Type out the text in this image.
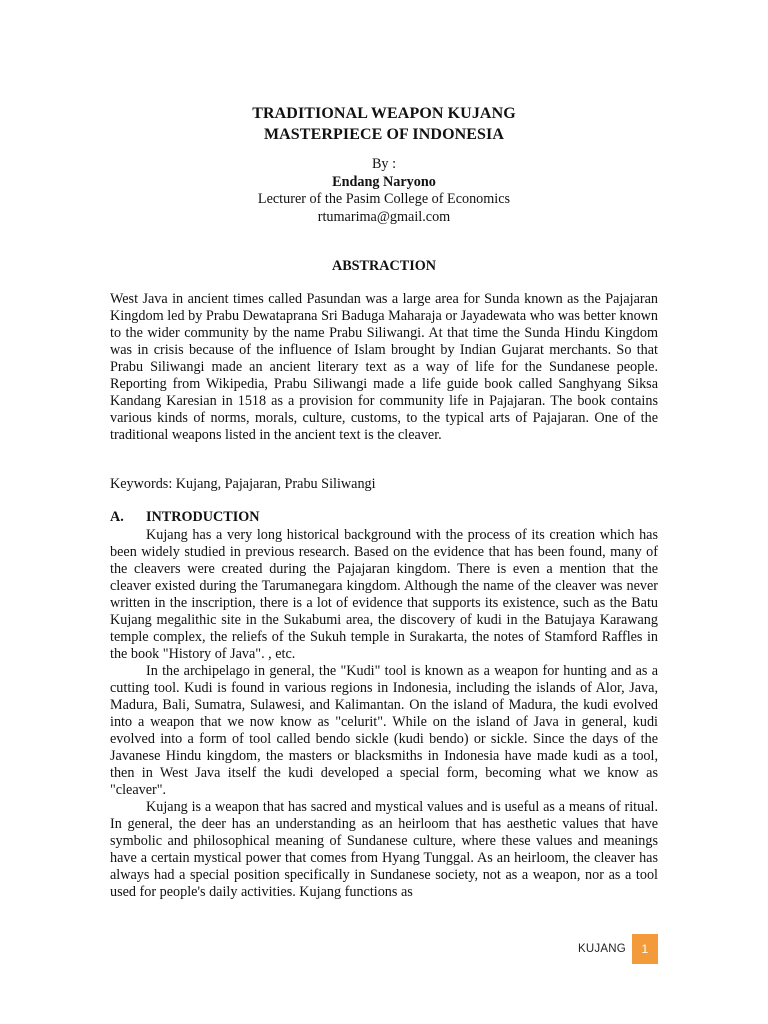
TRADITIONAL WEAPON KUJANG
MASTERPIECE OF INDONESIA
By :
Endang Naryono
Lecturer of the Pasim College of Economics
rtumarima@gmail.com
ABSTRACTION

West Java in ancient times called Pasundan was a large area for Sunda known as the Pajajaran Kingdom led by Prabu Dewataprana Sri Baduga Maharaja or Jayadewata who was better known to the wider community by the name Prabu Siliwangi. At that time the Sunda Hindu Kingdom was in crisis because of the influence of Islam brought by Indian Gujarat merchants. So that Prabu Siliwangi made an ancient literary text as a way of life for the Sundanese people. Reporting from Wikipedia, Prabu Siliwangi made a life guide book called Sanghyang Siksa Kandang Karesian in 1518 as a provision for community life in Pajajaran. The book contains various kinds of norms, morals, culture, customs, to the typical arts of Pajajaran. One of the traditional weapons listed in the ancient text is the cleaver.

Keywords: Kujang, Pajajaran, Prabu Siliwangi

A. INTRODUCTION

Kujang has a very long historical background with the process of its creation which has been widely studied in previous research. Based on the evidence that has been found, many of the cleavers were created during the Pajajaran kingdom. There is even a mention that the cleaver existed during the Tarumanegara kingdom. Although the name of the cleaver was never written in the inscription, there is a lot of evidence that supports its existence, such as the Batu Kujang megalithic site in the Sukabumi area, the discovery of kudi in the Batujaya Karawang temple complex, the reliefs of the Sukuh temple in Surakarta, the notes of Stamford Raffles in the book "History of Java". , etc.

In the archipelago in general, the "Kudi" tool is known as a weapon for hunting and as a cutting tool. Kudi is found in various regions in Indonesia, including the islands of Alor, Java, Madura, Bali, Sumatra, Sulawesi, and Kalimantan. On the island of Madura, the kudi evolved into a weapon that we now know as "celurit". While on the island of Java in general, kudi evolved into a form of tool called bendo sickle (kudi bendo) or sickle. Since the days of the Javanese Hindu kingdom, the masters or blacksmiths in Indonesia have made kudi as a tool, then in West Java itself the kudi developed a special form, becoming what we know as "cleaver".

Kujang is a weapon that has sacred and mystical values and is useful as a means of ritual. In general, the deer has an understanding as an heirloom that has aesthetic values that have symbolic and philosophical meaning of Sundanese culture, where these values and meanings have a certain mystical power that comes from Hyang Tunggal. As an heirloom, the cleaver has always had a special position specifically in Sundanese society, not as a weapon, nor as a tool used for people's daily activities. Kujang functions as

KUJANG	1
